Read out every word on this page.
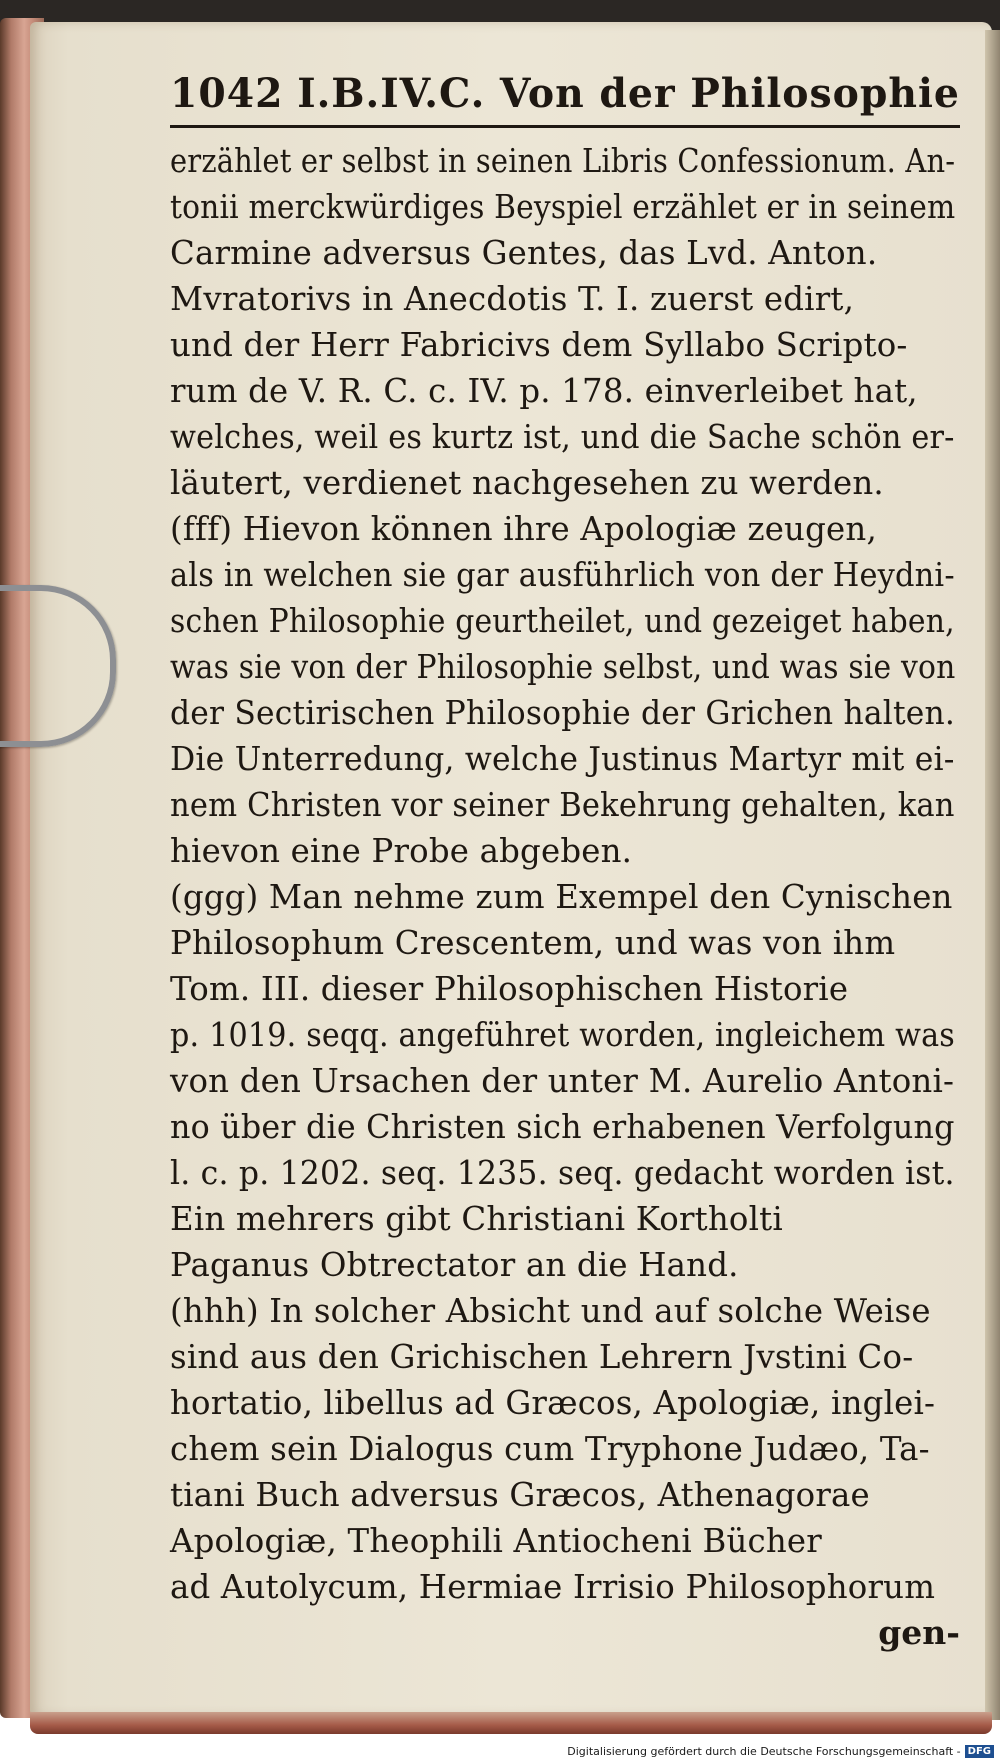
1042 I.B.IV.C. Von der Philosophie
erzählet er selbst in seinen Libris Confessionum. An-
tonii merckwürdiges Beyspiel erzählet er in seinem
Carmine adversus Gentes, das Lvd. Anton.
Mvratorivs in Anecdotis T. I. zuerst edirt,
und der Herr Fabricivs dem Syllabo Scripto-
rum de V. R. C. c. IV. p. 178. einverleibet hat,
welches, weil es kurtz ist, und die Sache schön er-
läutert, verdienet nachgesehen zu werden.
(fff) Hievon können ihre Apologiæ zeugen,
als in welchen sie gar ausführlich von der Heydni-
schen Philosophie geurtheilet, und gezeiget haben,
was sie von der Philosophie selbst, und was sie von
der Sectirischen Philosophie der Grichen halten.
Die Unterredung, welche Justinus Martyr mit ei-
nem Christen vor seiner Bekehrung gehalten, kan
hievon eine Probe abgeben.
(ggg) Man nehme zum Exempel den Cynischen
Philosophum Crescentem, und was von ihm
Tom. III. dieser Philosophischen Historie
p. 1019. seqq. angeführet worden, ingleichem was
von den Ursachen der unter M. Aurelio Antoni-
no über die Christen sich erhabenen Verfolgung
l. c. p. 1202. seq. 1235. seq. gedacht worden ist.
Ein mehrers gibt Christiani Kortholti
Paganus Obtrectator an die Hand.
(hhh) In solcher Absicht und auf solche Weise
sind aus den Grichischen Lehrern Jvstini Co-
hortatio, libellus ad Græcos, Apologiæ, inglei-
chem sein Dialogus cum Tryphone Judæo, Ta-
tiani Buch adversus Græcos, Athenagorae
Apologiæ, Theophili Antiocheni Bücher
ad Autolycum, Hermiae Irrisio Philosophorum
gen-
Digitalisierung gefördert durch die Deutsche Forschungsgemeinschaft - DFG
